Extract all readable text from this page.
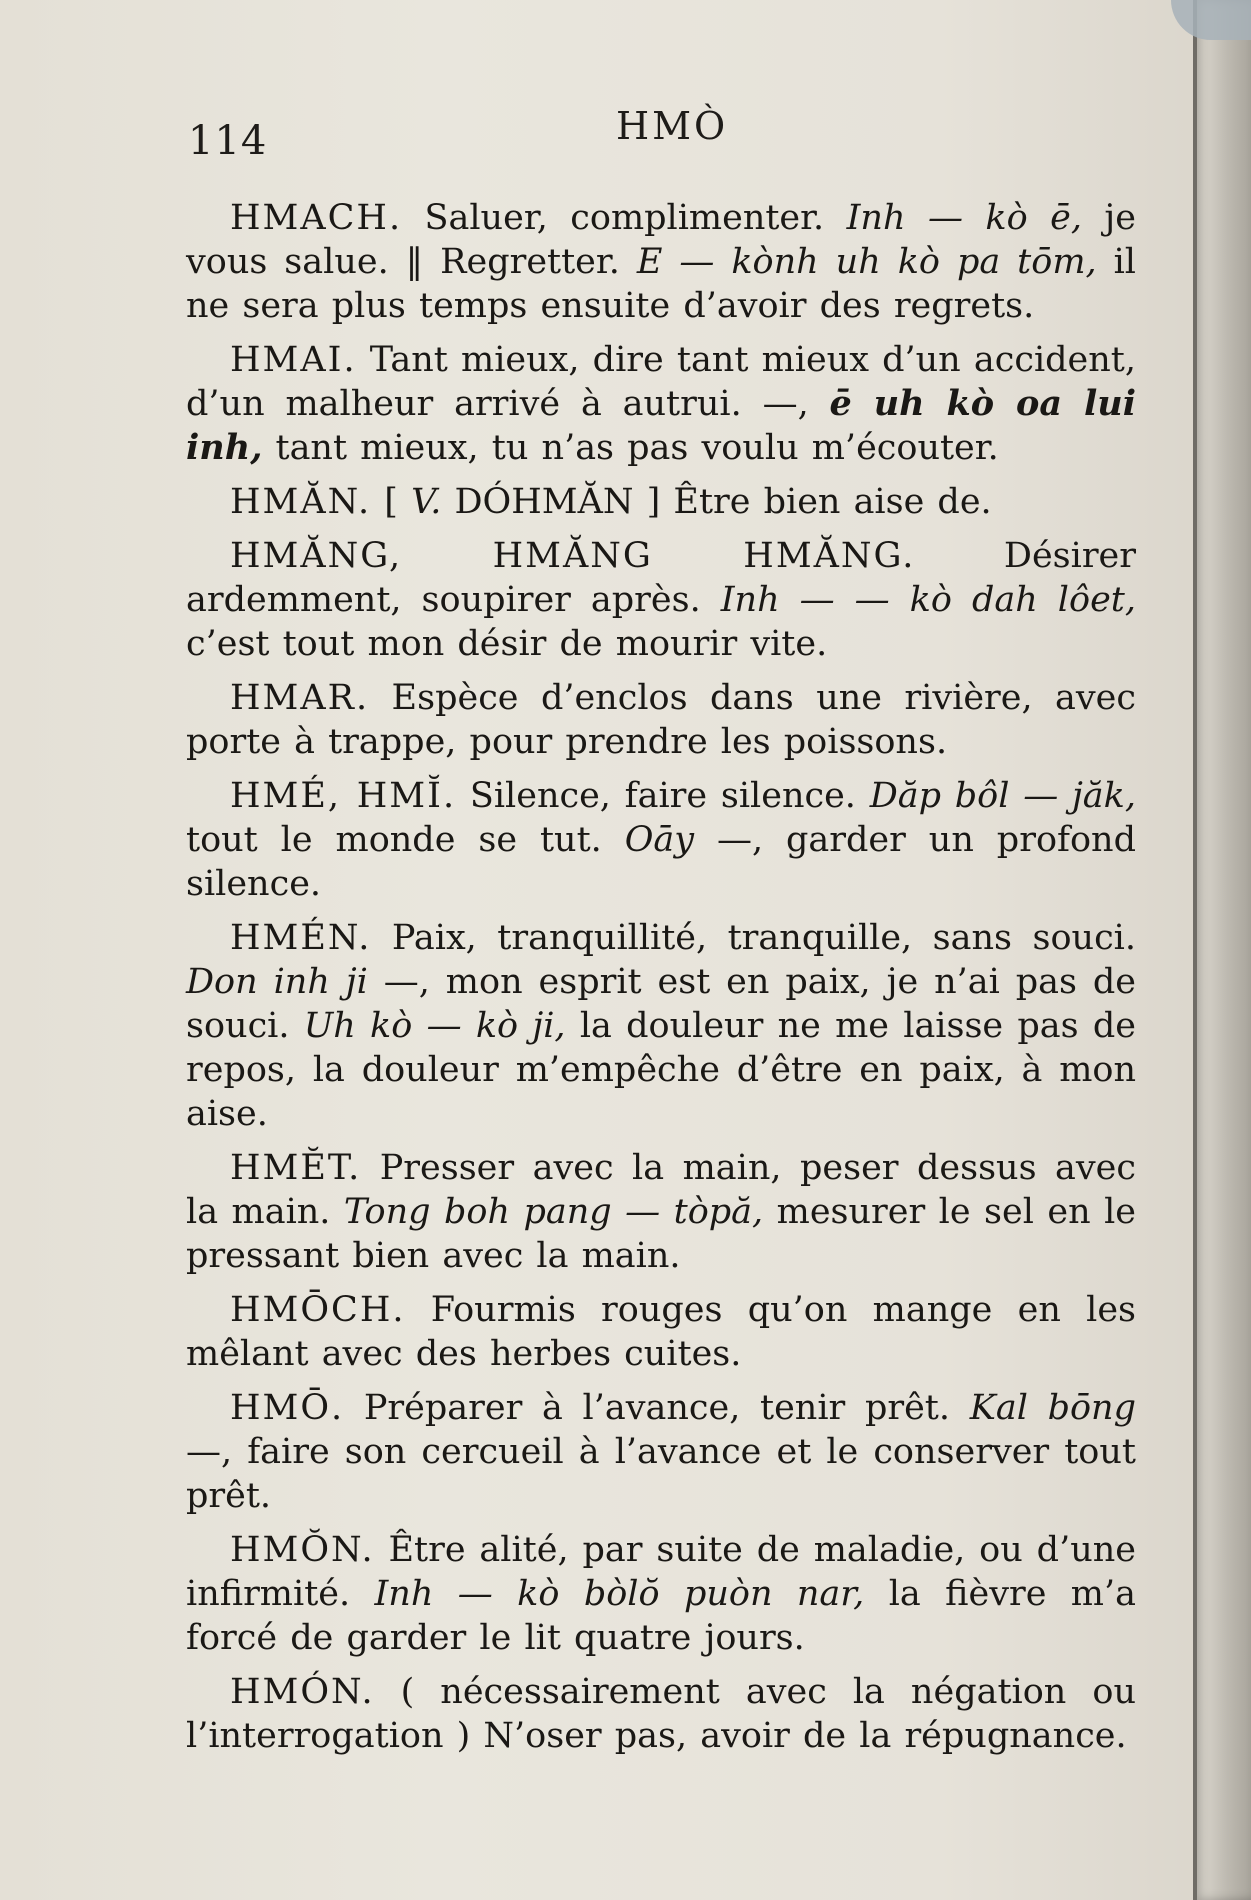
114	HMÒ

HMACH. Saluer, complimenter. Inh — kò ē, je vous salue. ‖ Regretter. E — kònh uh kò pa tōm, il ne sera plus temps ensuite d’avoir des regrets.

HMAI. Tant mieux, dire tant mieux d’un accident, d’un malheur arrivé à autrui. —, ē uh kò oa lui inh, tant mieux, tu n’as pas voulu m’écouter.

HMĂN. [ V. DÓHMĂN ] Être bien aise de.

HMĂNG, HMĂNG HMĂNG. Désirer ardemment, soupirer après. Inh — — kò dah lôet, c’est tout mon désir de mourir vite.

HMAR. Espèce d’enclos dans une rivière, avec porte à trappe, pour prendre les poissons.

HMÉ, HMĬ. Silence, faire silence. Dăp bôl — jăk, tout le monde se tut. Oāy —, garder un profond silence.

HMÉN. Paix, tranquillité, tranquille, sans souci. Don inh ji —, mon esprit est en paix, je n’ai pas de souci. Uh kò — kò ji, la douleur ne me laisse pas de repos, la douleur m’empêche d’être en paix, à mon aise.

HMĔT. Presser avec la main, peser dessus avec la main. Tong boh pang — tòpă, mesurer le sel en le pressant bien avec la main.

HMŌCH. Fourmis rouges qu’on mange en les mêlant avec des herbes cuites.

HMŌ. Préparer à l’avance, tenir prêt. Kal bōng —, faire son cercueil à l’avance et le conserver tout prêt.

HMŎN. Être alité, par suite de maladie, ou d’une infirmité. Inh — kò bòlŏ puòn nar, la fièvre m’a forcé de garder le lit quatre jours.

HMÓN. ( nécessairement avec la négation ou l’interrogation ) N’oser pas, avoir de la répugnance.
